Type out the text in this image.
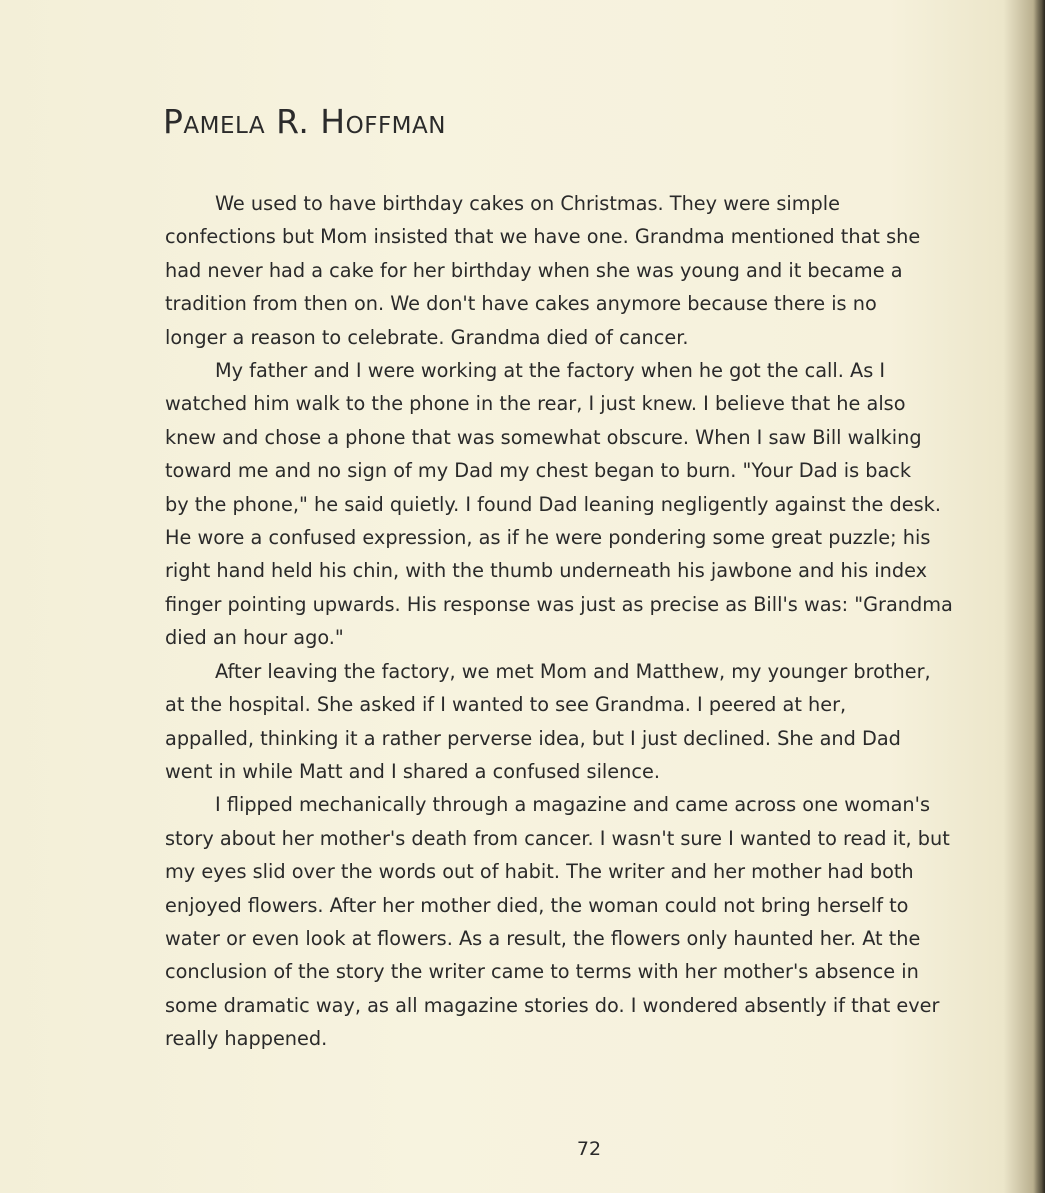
Pamela R. Hoffman

We used to have birthday cakes on Christmas. They were simple
confections but Mom insisted that we have one. Grandma mentioned that she
had never had a cake for her birthday when she was young and it became a
tradition from then on. We don't have cakes anymore because there is no
longer a reason to celebrate. Grandma died of cancer.

My father and I were working at the factory when he got the call. As I
watched him walk to the phone in the rear, I just knew. I believe that he also
knew and chose a phone that was somewhat obscure. When I saw Bill walking
toward me and no sign of my Dad my chest began to burn. "Your Dad is back
by the phone," he said quietly. I found Dad leaning negligently against the desk.
He wore a confused expression, as if he were pondering some great puzzle; his
right hand held his chin, with the thumb underneath his jawbone and his index
finger pointing upwards. His response was just as precise as Bill's was: "Grandma
died an hour ago."

After leaving the factory, we met Mom and Matthew, my younger brother,
at the hospital. She asked if I wanted to see Grandma. I peered at her,
appalled, thinking it a rather perverse idea, but I just declined. She and Dad
went in while Matt and I shared a confused silence.

I flipped mechanically through a magazine and came across one woman's
story about her mother's death from cancer. I wasn't sure I wanted to read it, but
my eyes slid over the words out of habit. The writer and her mother had both
enjoyed flowers. After her mother died, the woman could not bring herself to
water or even look at flowers. As a result, the flowers only haunted her. At the
conclusion of the story the writer came to terms with her mother's absence in
some dramatic way, as all magazine stories do. I wondered absently if that ever
really happened.

72
